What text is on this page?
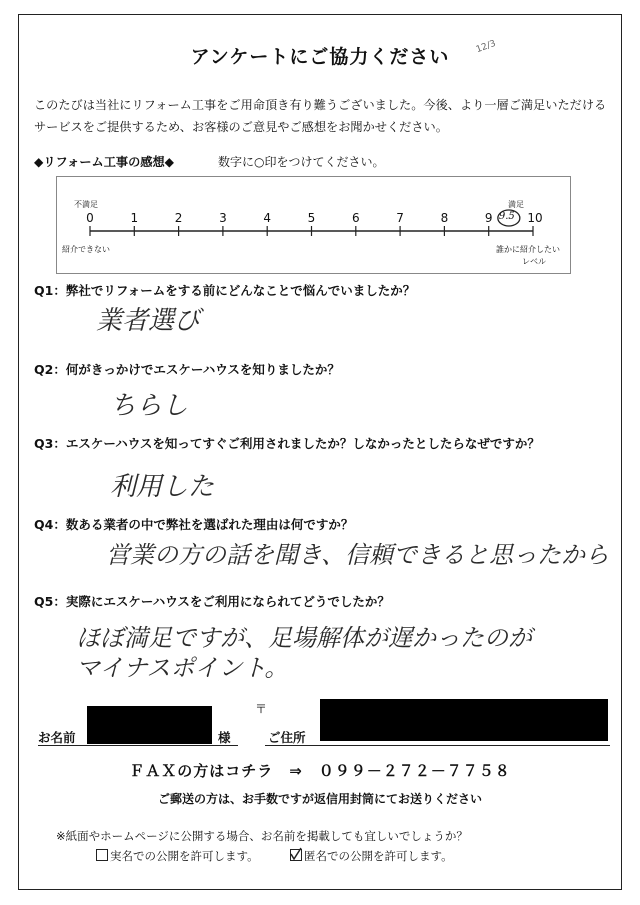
アンケートにご協力ください	12/3
このたびは当社にリフォーム工事をご用命頂き有り難うございました。今後、より一層ご満足いただけるサービスをご提供するため、お客様のご意見やご感想をお聞かせください。
◆リフォーム工事の感想◆	数字に○印をつけてください。
不満足
紹介できない
満足
誰かに紹介したい
レベル
9.5
0	1	2	3	4	5	6	7	8	9	10
Q1：弊社でリフォームをする前にどんなことで悩んでいましたか？
業者選び
Q2：何がきっかけでエスケーハウスを知りましたか？
ちらし
Q3：エスケーハウスを知ってすぐご利用されましたか？しなかったとしたらなぜですか？
利用した
Q4：数ある業者の中で弊社を選ばれた理由は何ですか？
営業の方の話を聞き、信頼できると思ったから
Q5：実際にエスケーハウスをご利用になられてどうでしたか？
ほぼ満足ですが、足場解体が遅かったのが
マイナスポイント。
〒
お名前	様	ご住所
ＦＡＸの方はコチラ　⇒　０９９－２７２－７７５８
ご郵送の方は、お手数ですが返信用封筒にてお送りください
※紙面やホームページに公開する場合、お名前を掲載しても宜しいでしょうか？
実名での公開を許可します。	匿名での公開を許可します。
